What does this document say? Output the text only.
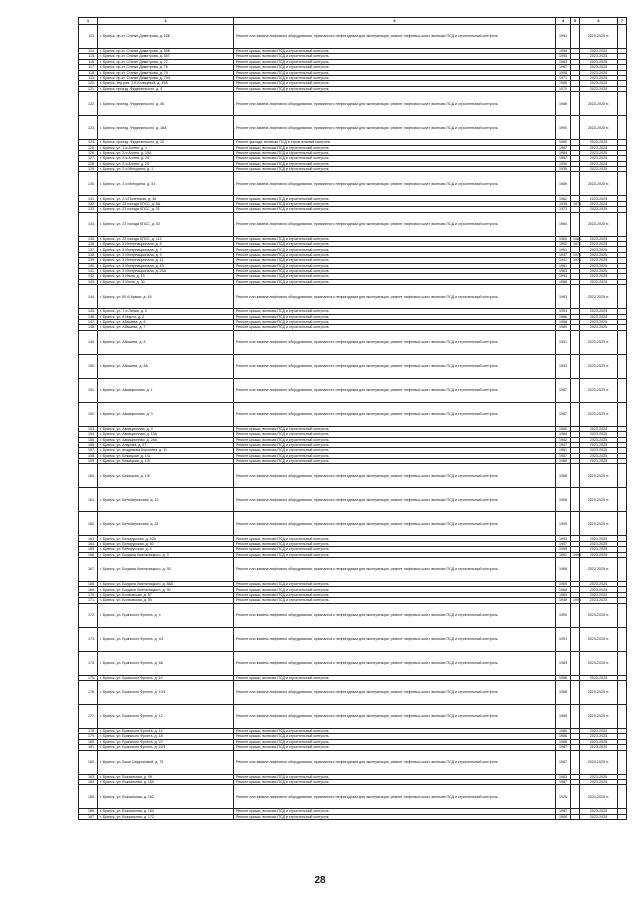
1	2	3	4	5	6	7
113.	г. Брянск, пр-кт. Станке Димитрова, д. 53Б	Ремонт или замена лифтового оборудования, признанного непригодным для эксплуатации, ремонт лифтовых шахт, включая ПСД и строительный контроль	1991		2023-2025 гг.	
114.	г. Брянск, пр-кт. Станке Димитрова, д. 55Б	Ремонт крыши, включая ПСД и строительный контроль	1995		2023-2025	
115.	г. Брянск, пр-кт. Станке Димитрова, д. 55Г	Ремонт крыши, включая ПСД и строительный контроль	1995		2023-2025	
116.	г. Брянск, пр-кт. Станке Димитрова, д. 72	Ремонт крыши, включая ПСД и строительный контроль	1963		2023-2025	
117.	г. Брянск, пр-кт. Станке Димитрова, д. 76	Ремонт крыши, включая ПСД и строительный контроль	1967		2023-2025	
118.	г. Брянск, пр-кт. Станке Димитрова, д. 79	Ремонт крыши, включая ПСД и строительный контроль	1958		2023-2025	
119.	г. Брянск, пр-кт. Станке Димитрова, д. 79/1	Ремонт крыши, включая ПСД и строительный контроль	1971		2023-2025	
120.	г. Брянск, тер-рия. 2-й Кольцевой, д. 15А	Ремонт крыши, включая ПСД и строительный контроль	1986		2023-2025	
121.	г. Брянск, проезд. Федюнинского, д. 4	Ремонт крыши, включая ПСД и строительный контроль	1970		2023-2025	
122.	г. Брянск, проезд. Федюнинского, д. 4Б	Ремонт или замена лифтового оборудования, признанного непригодным для эксплуатации, ремонт лифтовых шахт, включая ПСД и строительный контроль	1986		2023-2025 гг.	
123.	г. Брянск, проезд. Федюнинского, д. 16А	Ремонт или замена лифтового оборудования, признанного непригодным для эксплуатации, ремонт лифтовых шахт, включая ПСД и строительный контроль	1990		2023-2025 гг.	
124.	г. Брянск, проезд. Федюнинского, д. 20	Ремонт фасада, включая ПСД и строительный контроль	1980		2023-2025	
125.	г. Брянск, ул. 1-я Аллея, д. 1	Ремонт крыши, включая ПСД и строительный контроль	1967		2023-2025	
126.	г. Брянск, ул. 2-я Аллея, д. 19А	Ремонт крыши, включая ПСД и строительный контроль	1984		2023-2025	
127.	г. Брянск, ул. 2-я Аллея, д. 24	Ремонт крыши, включая ПСД и строительный контроль	1967		2023-2025	
128.	г. Брянск, ул. 2-я Аллея, д. 25	Ремонт крыши, включая ПСД и строительный контроль	1950		2023-2025	
129.	г. Брянск, ул. 2-я Мичурина, д. 1	Ремонт крыши, включая ПСД и строительный контроль	1936		2023-2025	
130.	г. Брянск, ул. 2-я Мичурина, д. 31	Ремонт или замена лифтового оборудования, признанного непригодным для эксплуатации, ремонт лифтовых шахт, включая ПСД и строительный контроль	1989		2023-2025 гг.	
131.	г. Брянск, ул. 2-я Почепская, д. 36	Ремонт крыши, включая ПСД и строительный контроль	1982		2023-2025	
132.	г. Брянск, ул. 22 съезда КПСС, д. 8А	Ремонт крыши, включая ПСД и строительный контроль	1938	1975	2023-2025	
133.	г. Брянск, ул. 22 съезда КПСС, д. 31	Ремонт крыши, включая ПСД и строительный контроль	1973		2023-2025	
134.	г. Брянск, ул. 22 съезда КПСС, д. 53	Ремонт или замена лифтового оборудования, признанного непригодным для эксплуатации, ремонт лифтовых шахт, включая ПСД и строительный контроль	1984		2023-2025 гг.	
135.	г. Брянск, ул. 22 съезда КПСС, д. 112	Ремонт крыши, включая ПСД и строительный контроль	1960	1986	2023-2025	
136.	г. Брянск, ул. 3 Интернационала, д. 5	Ремонт крыши, включая ПСД и строительный контроль	1952	1970	2023-2025	
137.	г. Брянск, ул. 3 Интернационала, д. 7	Ремонт крыши, включая ПСД и строительный контроль	1951		2023-2025	
138.	г. Брянск, ул. 3 Интернационала, д. 9	Ремонт крыши, включая ПСД и строительный контроль	1947	1974	2023-2025	
139.	г. Брянск, ул. 3 Интернационала, д. 11	Ремонт крыши, включая ПСД и строительный контроль	1947	1974	2023-2025	
140.	г. Брянск, ул. 3 Интернационала, д. 13	Ремонт крыши, включая ПСД и строительный контроль	1961		2023-2025	
141.	г. Брянск, ул. 3 Интернационала, д. 25А	Ремонт крыши, включая ПСД и строительный контроль	1963		2023-2025	
142.	г. Брянск, ул. 3 Июля, д. 13	Ремонт крыши, включая ПСД и строительный контроль	1991		2023-2025	
143.	г. Брянск, ул. 3 Июля, д. 30	Ремонт крыши, включая ПСД и строительный контроль	1988		2023-2025	
144.	г. Брянск, ул. 50-й Армии, д. 16	Ремонт или замена лифтового оборудования, признанного непригодным для эксплуатации, ремонт лифтовых шахт, включая ПСД и строительный контроль	1983		2023-2025 гг.	
145.	г. Брянск, ул. 7-я Линия, д. 3	Ремонт крыши, включая ПСД и строительный контроль	1994		2023-2025	
146.	г. Брянск, ул. 8 Марта, д. 2	Ремонт крыши, включая ПСД и строительный контроль	1986		2023-2025	
147.	г. Брянск, ул. Абашева, д. 6	Ремонт крыши, включая ПСД и строительный контроль	1986		2023-2025	
148.	г. Брянск, ул. Абашева, д. 7	Ремонт крыши, включая ПСД и строительный контроль	1989		2023-2025	
149.	г. Брянск, ул. Абашева, д. 8	Ремонт или замена лифтового оборудования, признанного непригодным для эксплуатации, ремонт лифтовых шахт, включая ПСД и строительный контроль	1991		2023-2025 гг.	
150.	г. Брянск, ул. Абашева, д. 8А	Ремонт или замена лифтового оборудования, признанного непригодным для эксплуатации, ремонт лифтовых шахт, включая ПСД и строительный контроль	1993		2023-2025 гг.	
151.	г. Брянск, ул. Авиационная, д. 1	Ремонт или замена лифтового оборудования, признанного непригодным для эксплуатации, ремонт лифтовых шахт, включая ПСД и строительный контроль	1987		2023-2025 гг.	
152.	г. Брянск, ул. Авиационная, д. 3	Ремонт или замена лифтового оборудования, признанного непригодным для эксплуатации, ремонт лифтовых шахт, включая ПСД и строительный контроль	1987		2023-2025 гг.	
153.	г. Брянск, ул. Авиационная, д. 9	Ремонт крыши, включая ПСД и строительный контроль	1980		2023-2025	
154.	г. Брянск, ул. Авиационная, д. 13А	Ремонт крыши, включая ПСД и строительный контроль	1984		2023-2025	
155.	г. Брянск, ул. Авиационная, д. 28А	Ремонт крыши, включая ПСД и строительный контроль	1982		2023-2025	
156.	г. Брянск, ул. Азарова, д. 57	Ремонт крыши, включая ПСД и строительный контроль	1957		2023-2025	
157.	г. Брянск, ул. академика Королева, д. 11	Ремонт крыши, включая ПСД и строительный контроль	1961		2023-2025	
158.	г. Брянск, ул. Бежицкая, д. 1/3	Ремонт крыши, включая ПСД и строительный контроль	1957		2023-2025	
159.	г. Брянск, ул. Бежицкая, д. 1/5	Ремонт крыши, включая ПСД и строительный контроль	1988		2023-2025	
160.	г. Брянск, ул. Бежицкая, д. 1/6	Ремонт или замена лифтового оборудования, признанного непригодным для эксплуатации, ремонт лифтовых шахт, включая ПСД и строительный контроль	1988		2023-2025 гг.	
161.	г. Брянск, ул. Белобережская, д. 23	Ремонт или замена лифтового оборудования, признанного непригодным для эксплуатации, ремонт лифтовых шахт, включая ПСД и строительный контроль	1996		2023-2025 гг.	
162.	г. Брянск, ул. Белобережская, д. 24	Ремонт или замена лифтового оборудования, признанного непригодным для эксплуатации, ремонт лифтовых шахт, включая ПСД и строительный контроль	1995		2023-2025 гг.	
163.	г. Брянск, ул. Белорусская, д. 42А	Ремонт крыши, включая ПСД и строительный контроль	1993		2023-2025	
164.	г. Брянск, ул. Белорусская, д. 50	Ремонт крыши, включая ПСД и строительный контроль	1957		2023-2025	
165.	г. Брянск, ул. Белорусская, д. 4	Ремонт крыши, включая ПСД и строительный контроль	1995		2023-2025	
166.	г. Брянск, ул. Богдана Хмельницкого, д. 3	Ремонт крыши, включая ПСД и строительный контроль	1961	1993	2023-2025	
167.	г. Брянск, ул. Богдана Хмельницкого, д. 35	Ремонт или замена лифтового оборудования, признанного непригодным для эксплуатации, ремонт лифтовых шахт, включая ПСД и строительный контроль	1968		2023-2025 гг.	
168.	г. Брянск, ул. Богдана Хмельницкого, д. 88А	Ремонт крыши, включая ПСД и строительный контроль	1969		2023-2025	
169.	г. Брянск, ул. Богдана Хмельницкого, д. 90	Ремонт крыши, включая ПСД и строительный контроль	1968		2023-2025	
170.	г. Брянск, ул. Болховская, д. 57	Ремонт крыши, включая ПСД и строительный контроль	1969		2023-2025	
171.	г. Брянск, ул. Болховская, д. 95	Ремонт крыши, включая ПСД и строительный контроль	1948	1995	2023-2025	
172.	г. Брянск, ул. Брянского Фронта, д. 4	Ремонт или замена лифтового оборудования, признанного непригодным для эксплуатации, ремонт лифтовых шахт, включая ПСД и строительный контроль	1990		2023-2025 гг.	
173.	г. Брянск, ул. Брянского Фронта, д. 4/1	Ремонт или замена лифтового оборудования, признанного непригодным для эксплуатации, ремонт лифтовых шахт, включая ПСД и строительный контроль	1991		2023-2025 гг.	
174.	г. Брянск, ул. Брянского Фронта, д. 6А	Ремонт или замена лифтового оборудования, признанного непригодным для эксплуатации, ремонт лифтовых шахт, включая ПСД и строительный контроль	1989		2023-2025 гг.	
175.	г. Брянск, ул. Брянского Фронта, д. 10	Ремонт крыши, включая ПСД и строительный контроль	1986		2023-2025	
176.	г. Брянск, ул. Брянского Фронта, д. 10/1	Ремонт или замена лифтового оборудования, признанного непригодным для эксплуатации, ремонт лифтовых шахт, включая ПСД и строительный контроль	1988		2023-2025 гг.	
177.	г. Брянск, ул. Брянского Фронта, д. 12	Ремонт или замена лифтового оборудования, признанного непригодным для эксплуатации, ремонт лифтовых шахт, включая ПСД и строительный контроль	1989		2023-2025 гг.	
178.	г. Брянск, ул. Брянского Фронта, д. 14	Ремонт крыши, включая ПСД и строительный контроль	1986		2023-2025	
179.	г. Брянск, ул. Брянского Фронта, д. 18	Ремонт крыши, включая ПСД и строительный контроль	1986		2023-2025	
180.	г. Брянск, ул. Брянского Фронта, д. 22	Ремонт крыши, включая ПСД и строительный контроль	1986		2023-2025	
181.	г. Брянск, ул. Брянского Фронта, д. 22/1	Ремонт крыши, включая ПСД и строительный контроль	1987		2023-2025	
182.	г. Брянск, ул. Вали Сафроновой, д. 75	Ремонт или замена лифтового оборудования, признанного непригодным для эксплуатации, ремонт лифтовых шахт, включая ПСД и строительный контроль	1987		2023-2025 гг.	
183.	г. Брянск, ул. Вокзальная, д. 99	Ремонт крыши, включая ПСД и строительный контроль	1983		2023-2025	
184.	г. Брянск, ул. Вокзальная, д. 150	Ремонт крыши, включая ПСД и строительный контроль	1987		2023-2025	
185.	г. Брянск, ул. Вокзальная, д. 162	Ремонт или замена лифтового оборудования, признанного непригодным для эксплуатации, ремонт лифтовых шахт, включая ПСД и строительный контроль	1976		2023-2025 гг.	
186.	г. Брянск, ул. Вокзальная, д. 164	Ремонт крыши, включая ПСД и строительный контроль	1987		2023-2025	
187.	г. Брянск, ул. Вокзальная, д. 172	Ремонт крыши, включая ПСД и строительный контроль	1980		2023-2025	
28
